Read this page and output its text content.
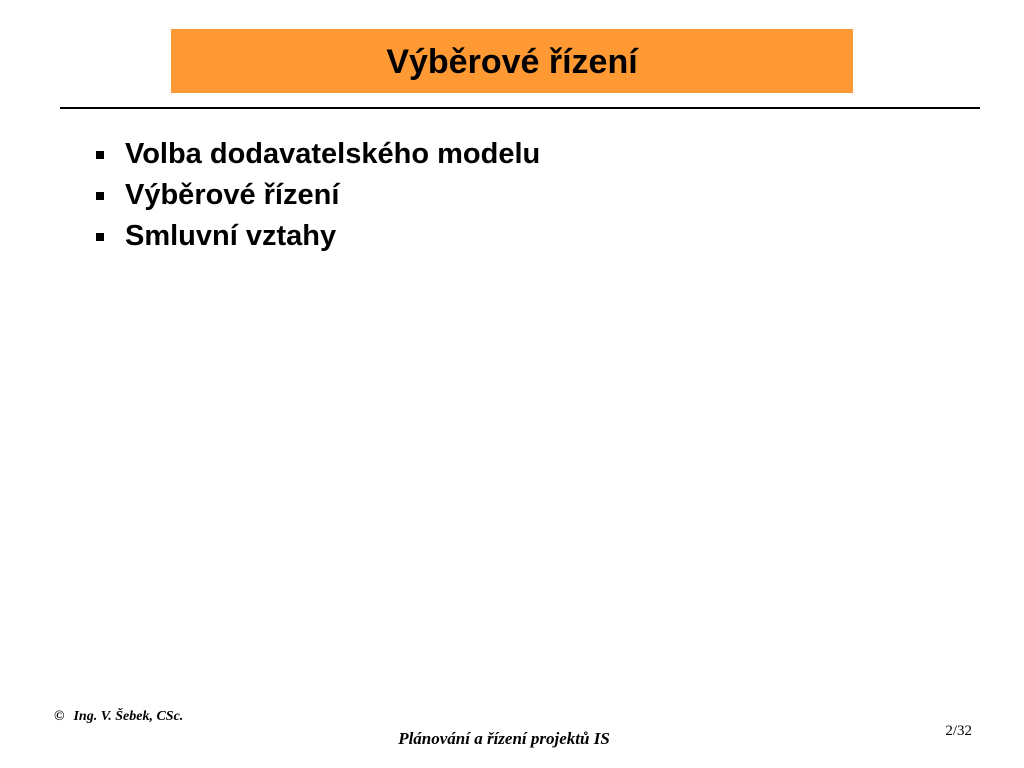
Výběrové řízení
Volba dodavatelského modelu
Výběrové řízení
Smluvní vztahy
© Ing. V. Šebek, CSc.
Plánování a řízení projektů IS	2/32
